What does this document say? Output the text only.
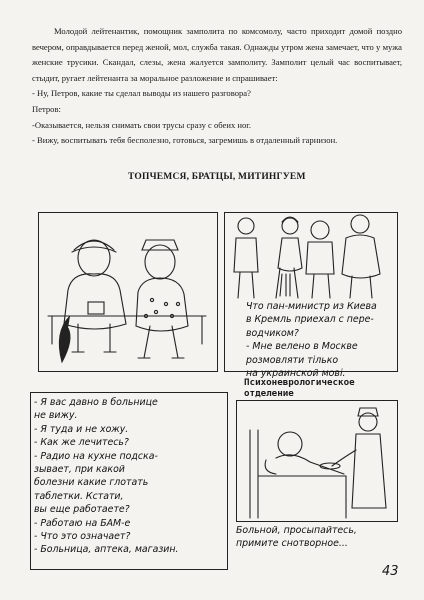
Молодой лейтенантик, помощник замполита по комсомолу, часто приходит домой поздно вечером, оправдывается перед женой, мол, служба такая. Однажды утром жена замечает, что у мужа женские трусики. Скандал, слезы, жена жалуется замполиту. Замполит целый час воспитывает, стыдит, ругает лейтенанта за моральное разложение и спрашивает:
- Ну, Петров, какие ты сделал выводы из нашего разговора?
Петров:
-Оказывается, нельзя снимать свои трусы сразу с обеих ног.
- Вижу, воспитывать тебя бесполезно, готовься, загремишь в отдаленный гарнизон.
ТОПЧЕМСЯ, БРАТЦЫ, МИТИНГУЕМ
Что пан-министр из Киева
в Кремль приехал с пере-
водчиком?
- Мне велено в Москве
розмовляти тiлько
на украинской мовi.
- Я вас давно в больнице
не вижу.
- Я туда и не хожу.
- Как же лечитесь?
- Радио на кухне подска-
зывает, при какой
болезни какие глотать
таблетки. Кстати,
вы еще работаете?
- Работаю на БАМ-е
- Что это означает?
- Больница, аптека, магазин.
Психоневрологическое
отделение
Больной, просыпайтесь,
примите снотворное...
43
